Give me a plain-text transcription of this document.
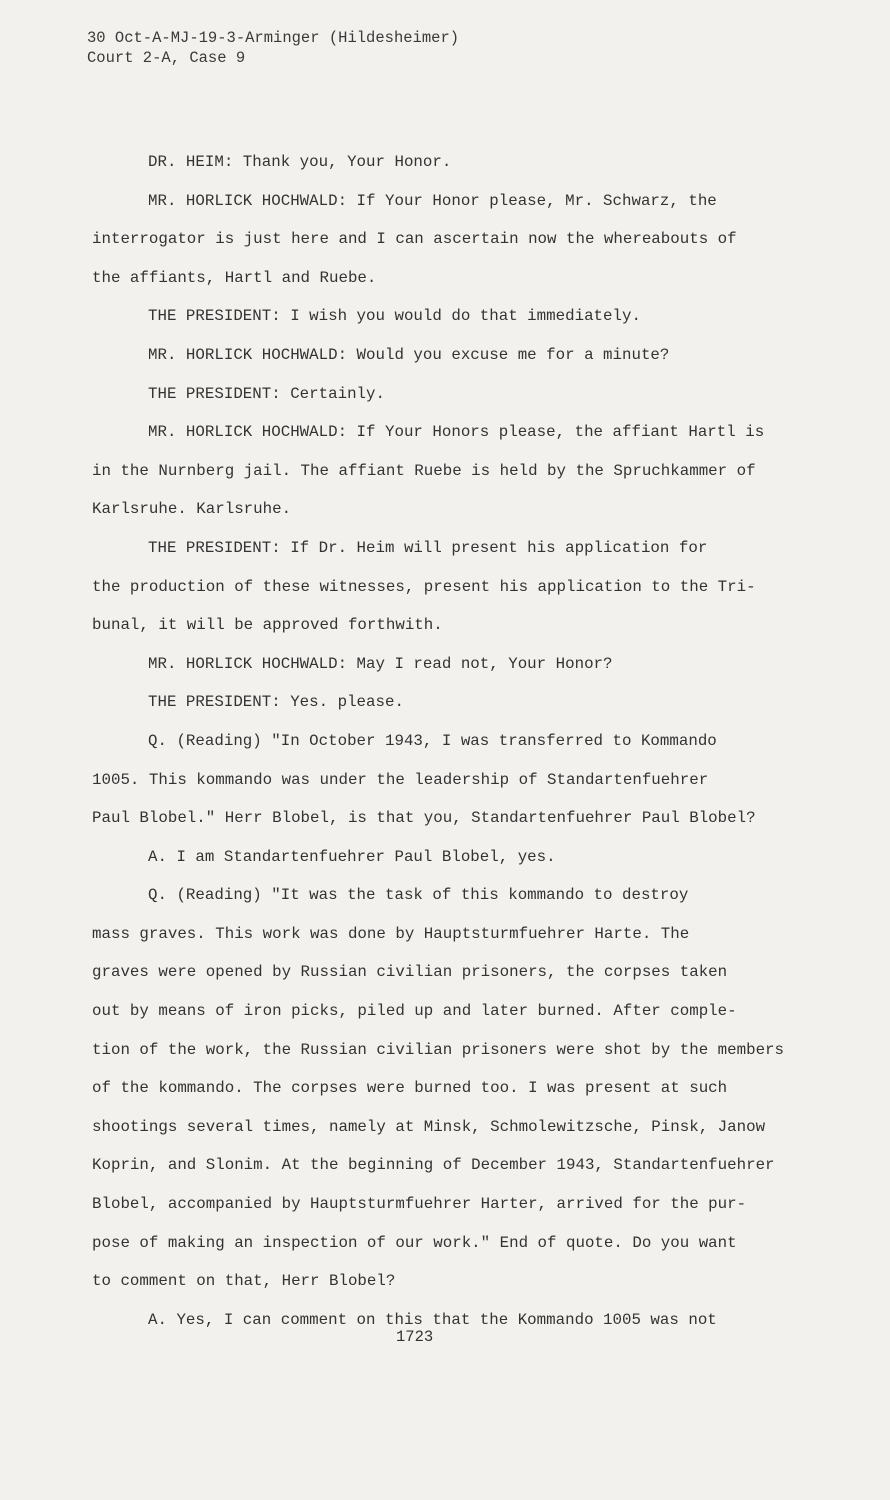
30 Oct-A-MJ-19-3-Arminger (Hildesheimer)
Court 2-A, Case 9
DR. HEIM: Thank you, Your Honor.
MR. HORLICK HOCHWALD: If Your Honor please, Mr. Schwarz, the
interrogator is just here and I can ascertain now the whereabouts of
the affiants, Hartl and Ruebe.
THE PRESIDENT: I wish you would do that immediately.
MR. HORLICK HOCHWALD: Would you excuse me for a minute?
THE PRESIDENT: Certainly.
MR. HORLICK HOCHWALD: If Your Honors please, the affiant Hartl is
in the Nurnberg jail. The affiant Ruebe is held by the Spruchkammer of
Karlsruhe. Karlsruhe.
THE PRESIDENT: If Dr. Heim will present his application for
the production of these witnesses, present his application to the Tri-
bunal, it will be approved forthwith.
MR. HORLICK HOCHWALD: May I read not, Your Honor?
THE PRESIDENT: Yes. please.
Q. (Reading) "In October 1943, I was transferred to Kommando
1005. This kommando was under the leadership of Standartenfuehrer
Paul Blobel." Herr Blobel, is that you, Standartenfuehrer Paul Blobel?
A. I am Standartenfuehrer Paul Blobel, yes.
Q. (Reading) "It was the task of this kommando to destroy
mass graves. This work was done by Hauptsturmfuehrer Harte. The
graves were opened by Russian civilian prisoners, the corpses taken
out by means of iron picks, piled up and later burned. After comple-
tion of the work, the Russian civilian prisoners were shot by the members
of the kommando. The corpses were burned too. I was present at such
shootings several times, namely at Minsk, Schmolewitzsche, Pinsk, Janow
Koprin, and Slonim. At the beginning of December 1943, Standartenfuehrer
Blobel, accompanied by Hauptsturmfuehrer Harter, arrived for the pur-
pose of making an inspection of our work." End of quote. Do you want
to comment on that, Herr Blobel?
A. Yes, I can comment on this that the Kommando 1005 was not
1723
